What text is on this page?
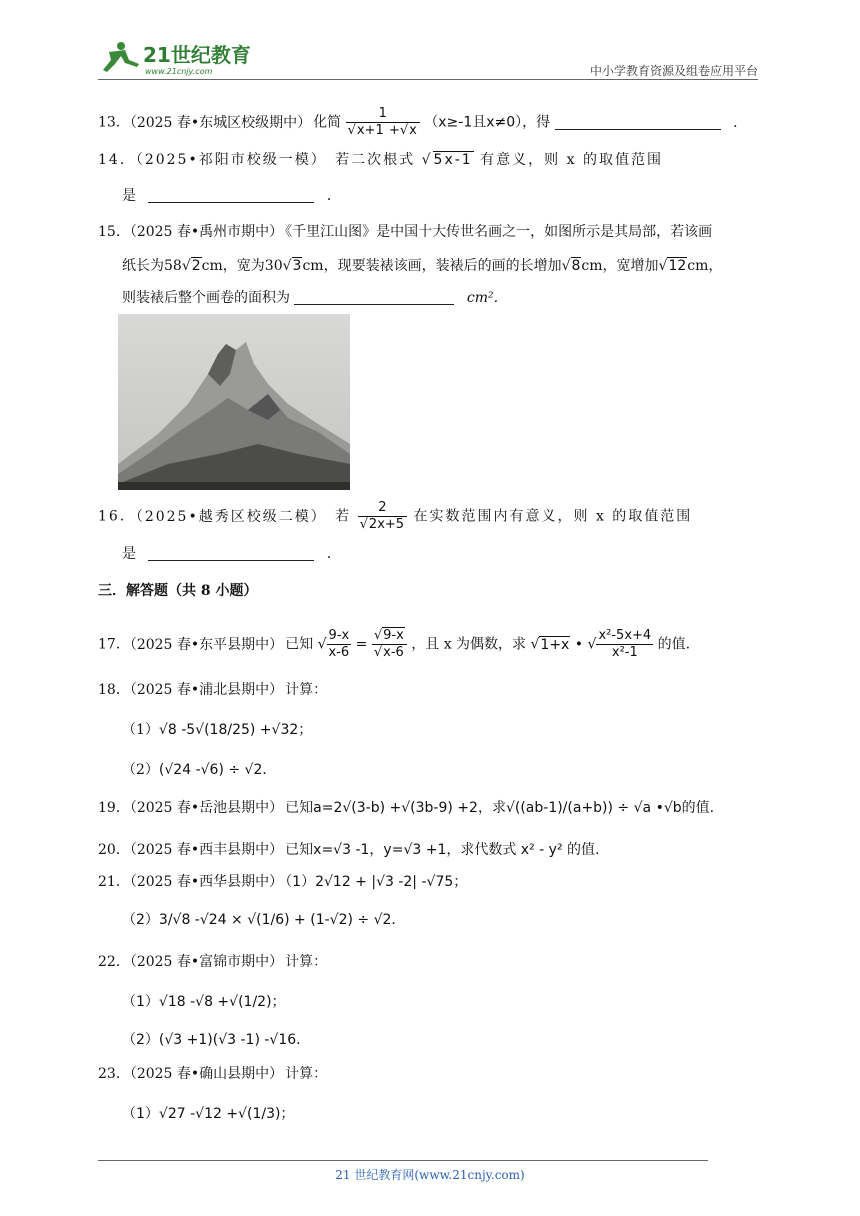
21世纪教育
www.21cnjy.com	中小学教育资源及组卷应用平台
13．（2025 春•东城区校级期中） 化简 $\frac{1}{√x+1 +√x} (x\ge-1$且x≠0），得	．
14．（2025•祁阳市校级一模） 若二次根式 √5x-1 有意义，则 x 的取值范围
是	．
15．（2025 春•禹州市期中） 《千里江山图》是中国十大传世名画之一，如图所示是其局部，若该画
纸长为58√2cm，宽为30√3cm，现要装裱该画，装裱后的画的长增加√8cm，宽增加√12cm，
则装裱后整个画卷的面积为	cm².
16．（2025•越秀区校级二模） 若 $\frac{2}{√2x+5}$ 在实数范围内有意义，则 x 的取值范围
是	．
三．解答题（共 8 小题）
17．（2025 春•东平县期中） 已知 √ $\frac{9-x}{x-6} = \frac{√9-x}{√x-6}$ ，且 x 为偶数，求 √1+x • √ $\frac{\text{x²-5x+4}}{\text{x²-1}}$ 的值.
18．（2025 春•浦北县期中） 计算：
（1）√8 -5√(18/25) +√32；
（2）(√24 -√6) ÷ √2．
19．（2025 春•岳池县期中） 已知a=2√(3-b) +√(3b-9) +2，求√((ab-1)/(a+b)) ÷ √a •√b的值.
20．（2025 春•西丰县期中） 已知x=√3 -1，y=√3 +1，求代数式 x² - y² 的值.
21．（2025 春•西华县期中） （1）2√12 + |√3 -2| -√75；
（2）3/√8 -√24 × √(1/6) + (1-√2) ÷ √2．
22．（2025 春•富锦市期中） 计算：
（1）√18 -√8 +√(1/2)；
（2）(√3 +1)(√3 -1) -√16．
23．（2025 春•确山县期中） 计算：
（1）√27 -√12 +√(1/3)；
21 世纪教育网(www.21cnjy.com)
